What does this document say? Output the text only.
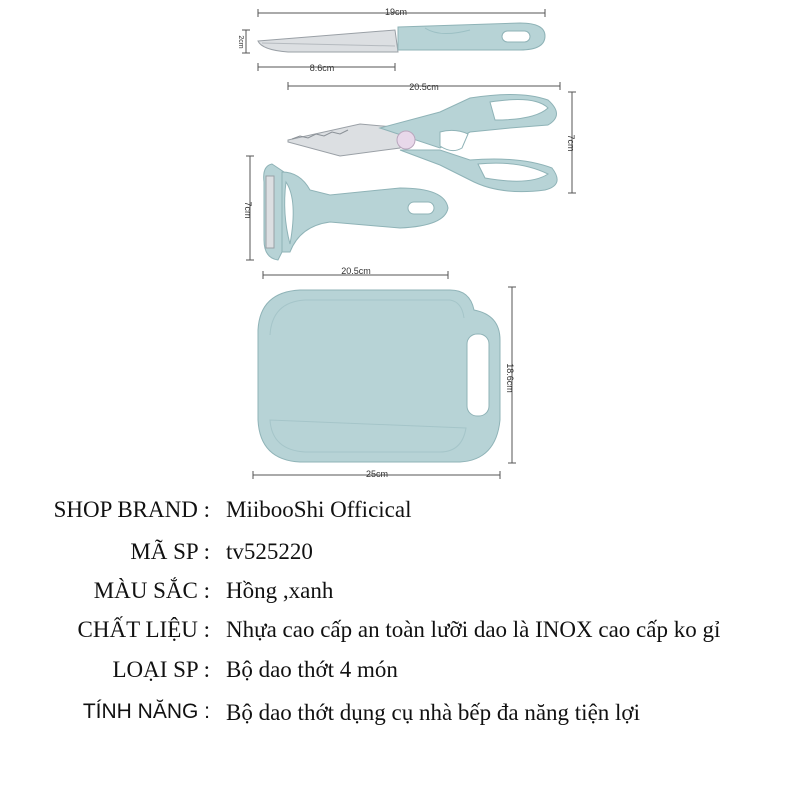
19cm
2cm
8.6cm
20.5cm
7cm
7cm
20.5cm
18.6cm
25cm
SHOP BRAND : MiibooShi Officical
MÃ SP : tv525220
MÀU SẮC : Hồng ,xanh
CHẤT LIỆU : Nhựa cao cấp an toàn lưỡi dao là INOX cao cấp ko gỉ
LOẠI SP : Bộ dao thớt 4 món
TÍNH NĂNG : Bộ dao thớt dụng cụ nhà bếp đa năng tiện lợi
